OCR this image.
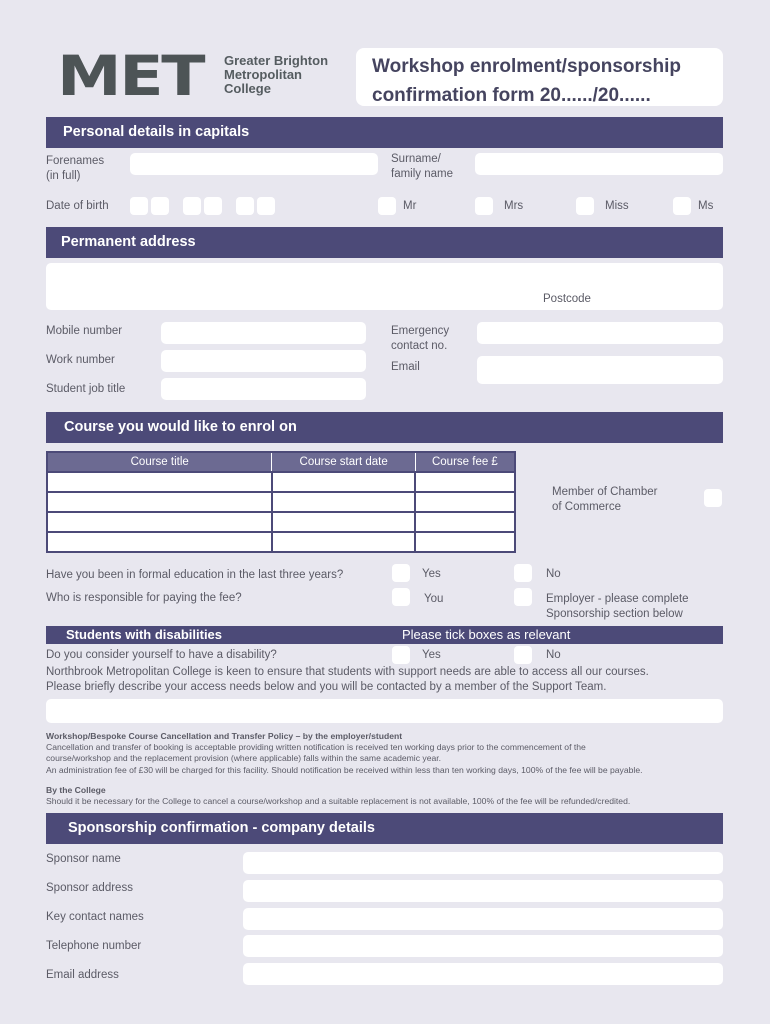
MET Greater Brighton
Metropolitan
College
Workshop enrolment/sponsorship
confirmation form 20....../20......
Personal details in capitals
Forenames
(in full)
Surname/
family name
Date of birth	Mr	Mrs	Miss	Ms
Permanent address
Postcode
Mobile number
Work number
Student job title
Emergency
contact no.
Email
Course you would like to enrol on
Course title	Course start date	Course fee £

Member of Chamber
of Commerce
Have you been in formal education in the last three years?	Yes	No
Who is responsible for paying the fee?	You	Employer - please complete
Sponsorship section below
Students with disabilities	Please tick boxes as relevant
Do you consider yourself to have a disability?	Yes	No
Northbrook Metropolitan College is keen to ensure that students with support needs are able to access all our courses.
Please briefly describe your access needs below and you will be contacted by a member of the Support Team.
Workshop/Bespoke Course Cancellation and Transfer Policy – by the employer/student
Cancellation and transfer of booking is acceptable providing written notification is received ten working days prior to the commencement of the
course/workshop and the replacement provision (where applicable) falls within the same academic year.
An administration fee of £30 will be charged for this facility. Should notification be received within less than ten working days, 100% of the fee will be payable.
By the College
Should it be necessary for the College to cancel a course/workshop and a suitable replacement is not available, 100% of the fee will be refunded/credited.
Sponsorship confirmation - company details
Sponsor name
Sponsor address
Key contact names
Telephone number
Email address
